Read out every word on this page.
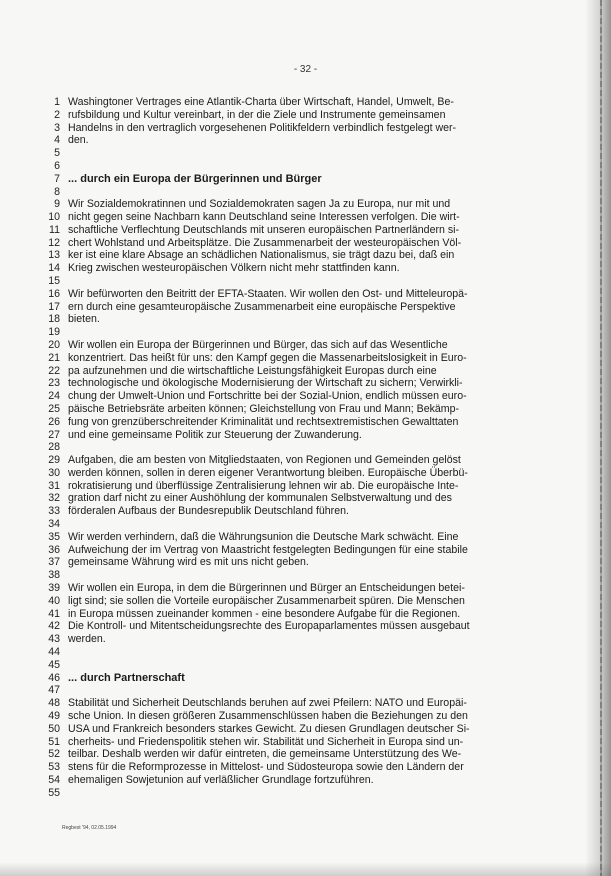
- 32 -
1 Washingtoner Vertrages eine Atlantik-Charta über Wirtschaft, Handel, Umwelt, Be-
2 rufsbildung und Kultur vereinbart, in der die Ziele und Instrumente gemeinsamen
3 Handelns in den vertraglich vorgesehenen Politikfeldern verbindlich festgelegt wer-
4 den.
5
6
7 ... durch ein Europa der Bürgerinnen und Bürger
8
9 Wir Sozialdemokratinnen und Sozialdemokraten sagen Ja zu Europa, nur mit und
10 nicht gegen seine Nachbarn kann Deutschland seine Interessen verfolgen. Die wirt-
11 schaftliche Verflechtung Deutschlands mit unseren europäischen Partnerländern si-
12 chert Wohlstand und Arbeitsplätze. Die Zusammenarbeit der westeuropäischen Völ-
13 ker ist eine klare Absage an schädlichen Nationalismus, sie trägt dazu bei, daß ein
14 Krieg zwischen westeuropäischen Völkern nicht mehr stattfinden kann.
15
16 Wir befürworten den Beitritt der EFTA-Staaten. Wir wollen den Ost- und Mitteleuropä-
17 ern durch eine gesamteuropäische Zusammenarbeit eine europäische Perspektive
18 bieten.
19
20 Wir wollen ein Europa der Bürgerinnen und Bürger, das sich auf das Wesentliche
21 konzentriert. Das heißt für uns: den Kampf gegen die Massenarbeitslosigkeit in Euro-
22 pa aufzunehmen und die wirtschaftliche Leistungsfähigkeit Europas durch eine
23 technologische und ökologische Modernisierung der Wirtschaft zu sichern; Verwirkli-
24 chung der Umwelt-Union und Fortschritte bei der Sozial-Union, endlich müssen euro-
25 päische Betriebsräte arbeiten können; Gleichstellung von Frau und Mann; Bekämp-
26 fung von grenzüberschreitender Kriminalität und rechtsextremistischen Gewalttaten
27 und eine gemeinsame Politik zur Steuerung der Zuwanderung.
28
29 Aufgaben, die am besten von Mitgliedstaaten, von Regionen und Gemeinden gelöst
30 werden können, sollen in deren eigener Verantwortung bleiben. Europäische Überbü-
31 rokratisierung und überflüssige Zentralisierung lehnen wir ab. Die europäische Inte-
32 gration darf nicht zu einer Aushöhlung der kommunalen Selbstverwaltung und des
33 förderalen Aufbaus der Bundesrepublik Deutschland führen.
34
35 Wir werden verhindern, daß die Währungsunion die Deutsche Mark schwächt. Eine
36 Aufweichung der im Vertrag von Maastricht festgelegten Bedingungen für eine stabile
37 gemeinsame Währung wird es mit uns nicht geben.
38
39 Wir wollen ein Europa, in dem die Bürgerinnen und Bürger an Entscheidungen betei-
40 ligt sind; sie sollen die Vorteile europäischer Zusammenarbeit spüren. Die Menschen
41 in Europa müssen zueinander kommen - eine besondere Aufgabe für die Regionen.
42 Die Kontroll- und Mitentscheidungsrechte des Europaparlamentes müssen ausgebaut
43 werden.
44
45
46 ... durch Partnerschaft
47
48 Stabilität und Sicherheit Deutschlands beruhen auf zwei Pfeilern: NATO und Europäi-
49 sche Union. In diesen größeren Zusammenschlüssen haben die Beziehungen zu den
50 USA und Frankreich besonders starkes Gewicht. Zu diesen Grundlagen deutscher Si-
51 cherheits- und Friedenspolitik stehen wir. Stabilität und Sicherheit in Europa sind un-
52 teilbar. Deshalb werden wir dafür eintreten, die gemeinsame Unterstützung des We-
53 stens für die Reformprozesse in Mittelost- und Südosteuropa sowie den Ländern der
54 ehemaligen Sowjetunion auf verläßlicher Grundlage fortzuführen.
55
Regbest '94, 02.05.1994
